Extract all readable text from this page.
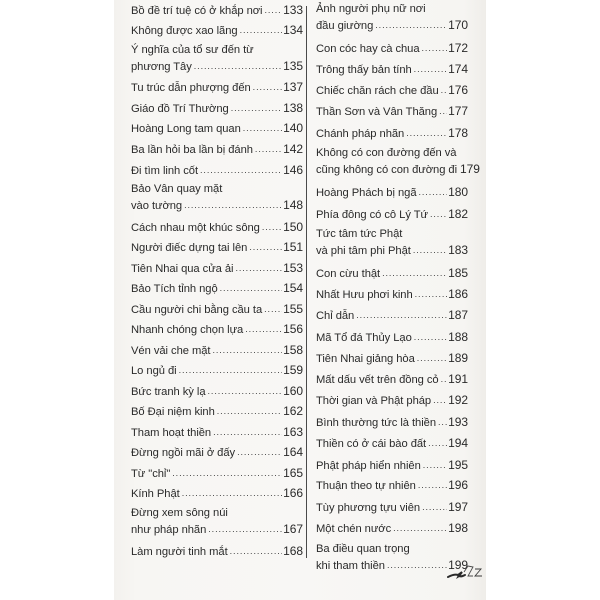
Bồ đề trí tuệ có ở khắp nơi ..... 133
Không được xao lãng .....	134
Ý nghĩa của tổ sư đến từ
phương Tây .....	135
Tu trúc dẫn phượng đến .....	137
Giáo đồ Trí Thường .....	138
Hoàng Long tam quan .....	140
Ba lần hỏi ba lần bị đánh .....	142
Đi tìm linh cốt .....	146
Bảo Vân quay mặt
vào tường .....	148
Cách nhau một khúc sông ..... 150
Người điếc dựng tai lên .....	151
Tiên Nhai qua cửa ải .....	153
Bảo Tích tỉnh ngộ .....	154
Cầu người chi bằng cầu ta ..... 155
Nhanh chóng chọn lựa .....	156
Vén vải che mặt .....	158
Lo ngủ đi .....	159
Bức tranh kỳ lạ .....	160
Bố Đại niệm kinh .....	162
Tham hoạt thiền .....	163
Đừng ngồi mãi ở đấy .....	164
Từ "chỉ" .....	165
Kính Phật .....	166
Đừng xem sông núi
như pháp nhãn .....	167
Làm người tinh mắt .....	168
Ảnh người phụ nữ nơi
đầu giường .....	170
Con cóc hay cà chua ..... 172
Trông thấy bản tính .....	174
Chiếc chăn rách che đầu ..... 176
Thần Sơn và Vân Thăng ..... 177
Chánh pháp nhãn .....	178
Không có con đường đến và
cũng không có con đường đi 179
Hoàng Phách bị ngã .....	180
Phía đông có cô Lý Tứ ..... 182
Tức tâm tức Phật
và phi tâm phi Phật .....	183
Con cừu thật .....	185
Nhất Hưu phơi kinh .....	186
Chỉ dẫn .....	187
Mã Tổ đá Thủy Lạo .....	188
Tiên Nhai giảng hòa .....	189
Mất dấu vết trên đồng cỏ ..... 191
Thời gian và Phật pháp ..... 192
Bình thường tức là thiền ..... 193
Thiền có ở cái bào đất ..... 194
Phật pháp hiển nhiên ..... 195
Thuận theo tự nhiên .....	196
Tùy phương tựu viên ..... 197
Một chén nước .....	198
Ba điều quan trọng
khi tham thiền .....	199
